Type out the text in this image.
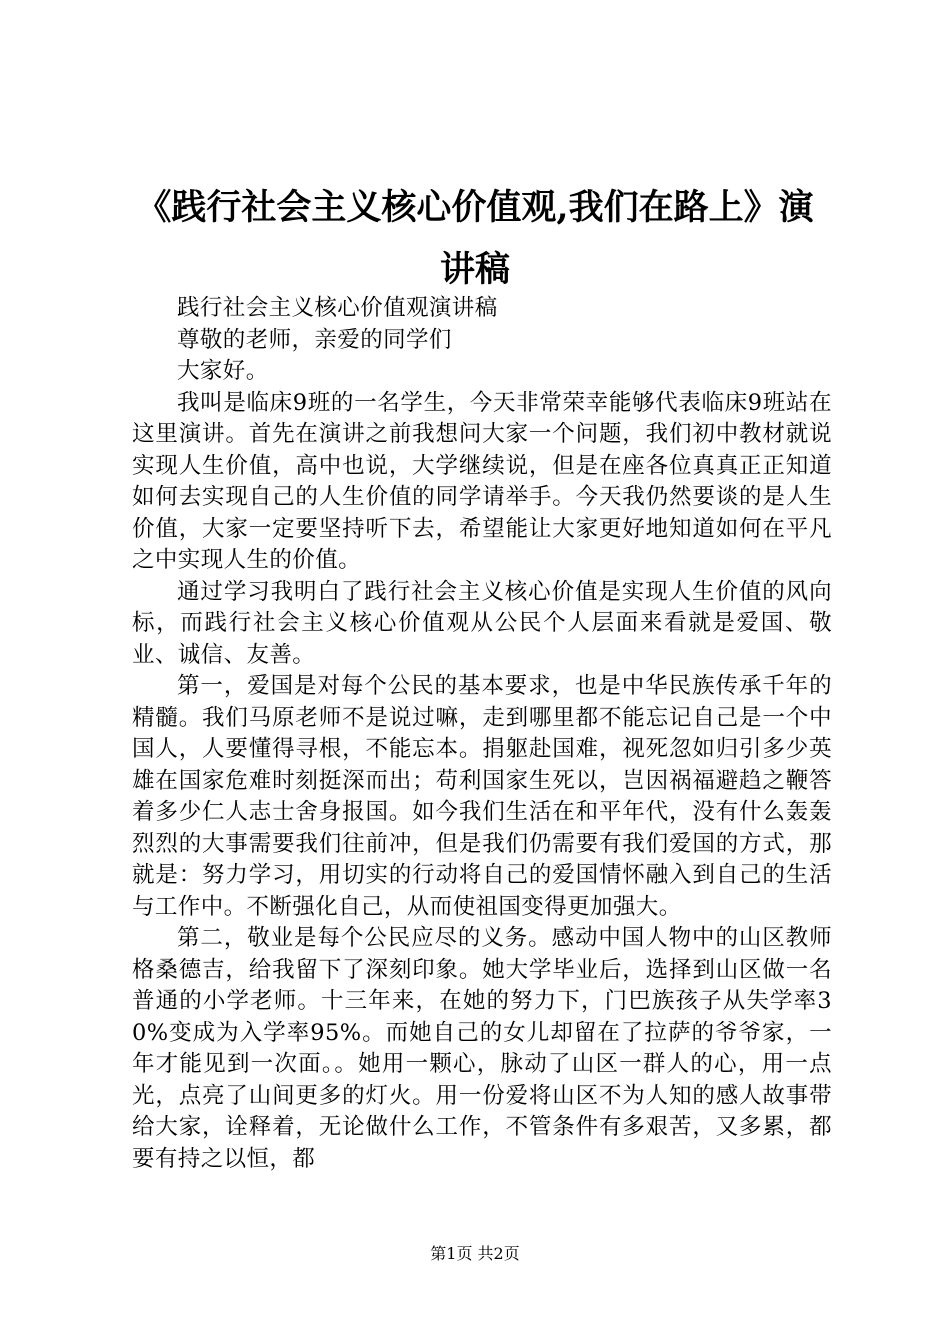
《践行社会主义核心价值观,我们在路上》演
讲稿

践行社会主义核心价值观演讲稿

尊敬的老师，亲爱的同学们

大家好。

我叫是临床9班的一名学生，今天非常荣幸能够代表临床9班站在这里演讲。首先在演讲之前我想问大家一个问题，我们初中教材就说实现人生价值，高中也说，大学继续说，但是在座各位真真正正知道如何去实现自己的人生价值的同学请举手。今天我仍然要谈的是人生价值，大家一定要坚持听下去，希望能让大家更好地知道如何在平凡之中实现人生的价值。

通过学习我明白了践行社会主义核心价值是实现人生价值的风向标，而践行社会主义核心价值观从公民个人层面来看就是爱国、敬业、诚信、友善。

第一，爱国是对每个公民的基本要求，也是中华民族传承千年的精髓。我们马原老师不是说过嘛，走到哪里都不能忘记自己是一个中国人，人要懂得寻根，不能忘本。捐躯赴国难，视死忽如归引多少英雄在国家危难时刻挺深而出；苟利国家生死以，岂因祸福避趋之鞭答着多少仁人志士舍身报国。如今我们生活在和平年代，没有什么轰轰烈烈的大事需要我们往前冲，但是我们仍需要有我们爱国的方式，那就是：努力学习，用切实的行动将自己的爱国情怀融入到自己的生活与工作中。不断强化自己，从而使祖国变得更加强大。

第二，敬业是每个公民应尽的义务。感动中国人物中的山区教师格桑德吉，给我留下了深刻印象。她大学毕业后，选择到山区做一名普通的小学老师。十三年来，在她的努力下，门巴族孩子从失学率30%变成为入学率95%。而她自己的女儿却留在了拉萨的爷爷家，一年才能见到一次面。。她用一颗心，脉动了山区一群人的心，用一点光，点亮了山间更多的灯火。用一份爱将山区不为人知的感人故事带给大家，诠释着，无论做什么工作，不管条件有多艰苦，又多累，都要有持之以恒，都

第1页 共2页
